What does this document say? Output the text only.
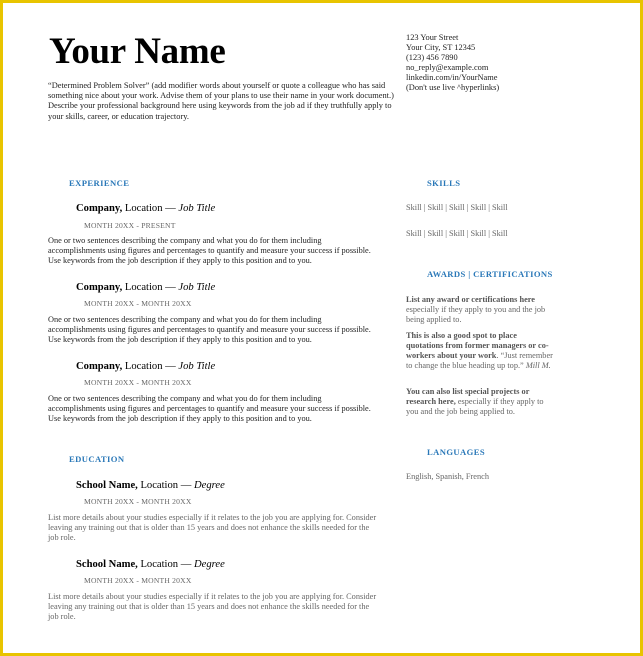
Your Name
“Determined Problem Solver” (add modifier words about yourself or quote a colleague who has said something nice about your work. Advise them of your plans to use their name in your work document.) Describe your professional background here using keywords from the job ad if they truthfully apply to your skills, career, or education trajectory.
123 Your Street
Your City, ST 12345
(123) 456 7890
no_reply@example.com
linkedin.com/in/YourName
(Don't use live ^hyperlinks)
EXPERIENCE
Company, Location — Job Title
MONTH 20XX - PRESENT
One or two sentences describing the company and what you do for them including accomplishments using figures and percentages to quantify and measure your success if possible. Use keywords from the job description if they apply to this position and to you.
Company, Location — Job Title
MONTH 20XX - MONTH 20XX
One or two sentences describing the company and what you do for them including accomplishments using figures and percentages to quantify and measure your success if possible. Use keywords from the job description if they apply to this position and to you.
Company, Location — Job Title
MONTH 20XX - MONTH 20XX
One or two sentences describing the company and what you do for them including accomplishments using figures and percentages to quantify and measure your success if possible. Use keywords from the job description if they apply to this position and to you.
EDUCATION
School Name, Location — Degree
MONTH 20XX - MONTH 20XX
List more details about your studies especially if it relates to the job you are applying for. Consider leaving any training out that is older than 15 years and does not enhance the skills needed for the job role.
School Name, Location — Degree
MONTH 20XX - MONTH 20XX
List more details about your studies especially if it relates to the job you are applying for. Consider leaving any training out that is older than 15 years and does not enhance the skills needed for the job role.
SKILLS
Skill | Skill | Skill | Skill | Skill
Skill | Skill | Skill | Skill | Skill
AWARDS | CERTIFICATIONS
List any award or certifications here especially if they apply to you and the job being applied to.
This is also a good spot to place quotations from former managers or co-workers about your work. “Just remember to change the blue heading up top.” Mill M.
You can also list special projects or research here, especially if they apply to you and the job being applied to.
LANGUAGES
English, Spanish, French
